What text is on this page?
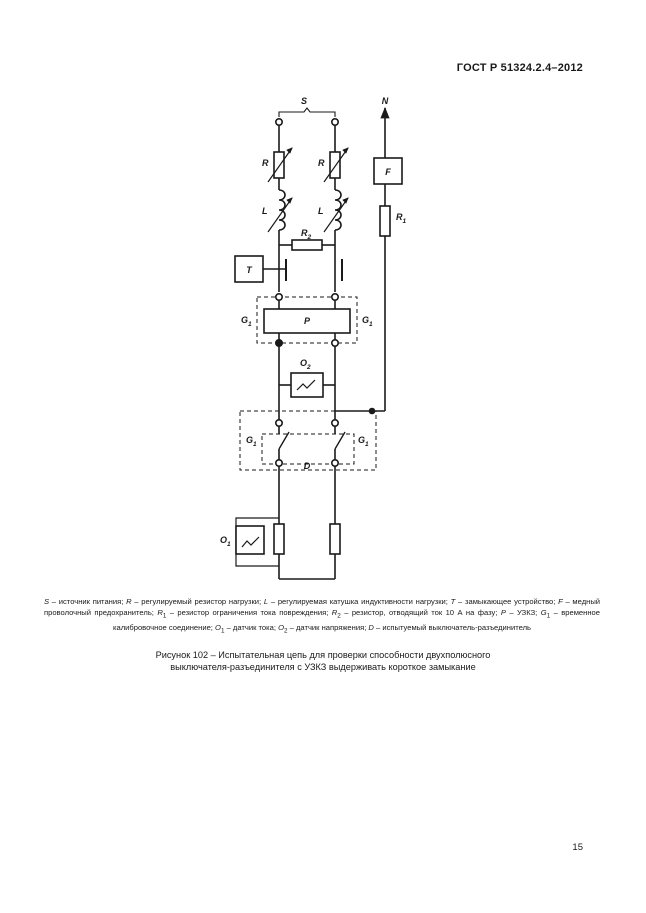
ГОСТ Р 51324.2.4–2012
S	N
F
$R_1$
R	R
L	L
$R_2$
T
P
$G_1$	$G_1$
$O_2$
$G_1$	$G_1$
D
$O_1$
S – источник питания; R – регулируемый резистор нагрузки; L – регулируемая катушка индуктивности нагрузки; T – замыкающее устройство; F – медный проволочный предохранитель; $R_1$ – резистор ограничения тока повреждения; $R_2$ – резистор, отводящий ток 10 А на фазу; P – УЗКЗ; $G_1$ – временное калибровочное соединение; $O_1$ – датчик тока; $O_2$ – датчик напряжения; D – испытуемый выключатель-разъединитель
Рисунок 102 – Испытательная цепь для проверки способности двухполюсного
выключателя-разъединителя с УЗКЗ выдерживать короткое замыкание
15
